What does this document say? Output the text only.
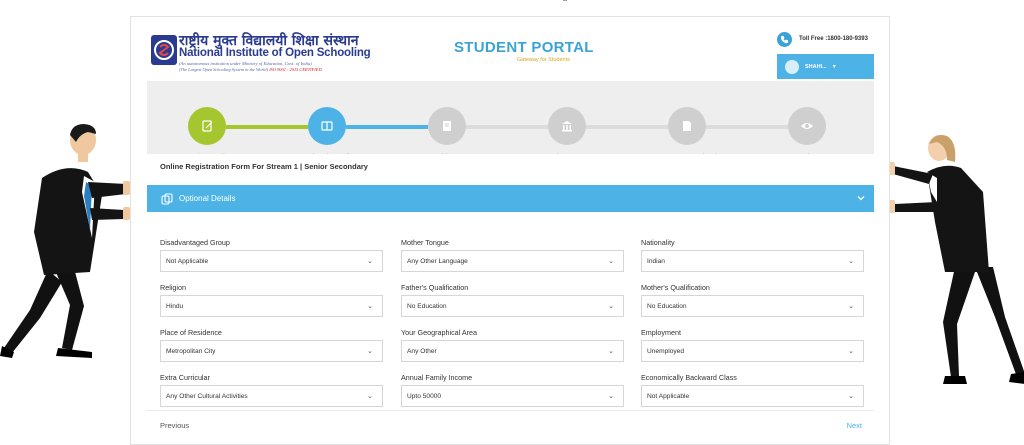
राष्ट्रीय मुक्त विद्यालयी शिक्षा संस्थान
National Institute of Open Schooling
(An autonomous institution under Ministry of Education, Govt. of India)
(The Largest Open Schooling System in the World) ISO 9001 : 2015 CERTIFIED
STUDENT PORTAL
Gateway for Students
Toll Free :1800-180-9393
SHAHI... ▾
Online Registration Form For Stream 1 | Senior Secondary
Optional Details
Disadvantaged Group
Not Applicable	⌄
Mother Tongue
Any Other Language	⌄
Nationality
Indian	⌄
Religion
Hindu	⌄
Father's Qualification
No Education	⌄
Mother's Qualification
No Education	⌄
Place of Residence
Metropolitan City	⌄
Your Geographical Area
Any Other	⌄
Employment
Unemployed	⌄
Extra Curricular
Any Other Cultural Activities	⌄
Annual Family Income
Upto 50000	⌄
Economically Backward Class
Not Applicable	⌄
Previous	Next
